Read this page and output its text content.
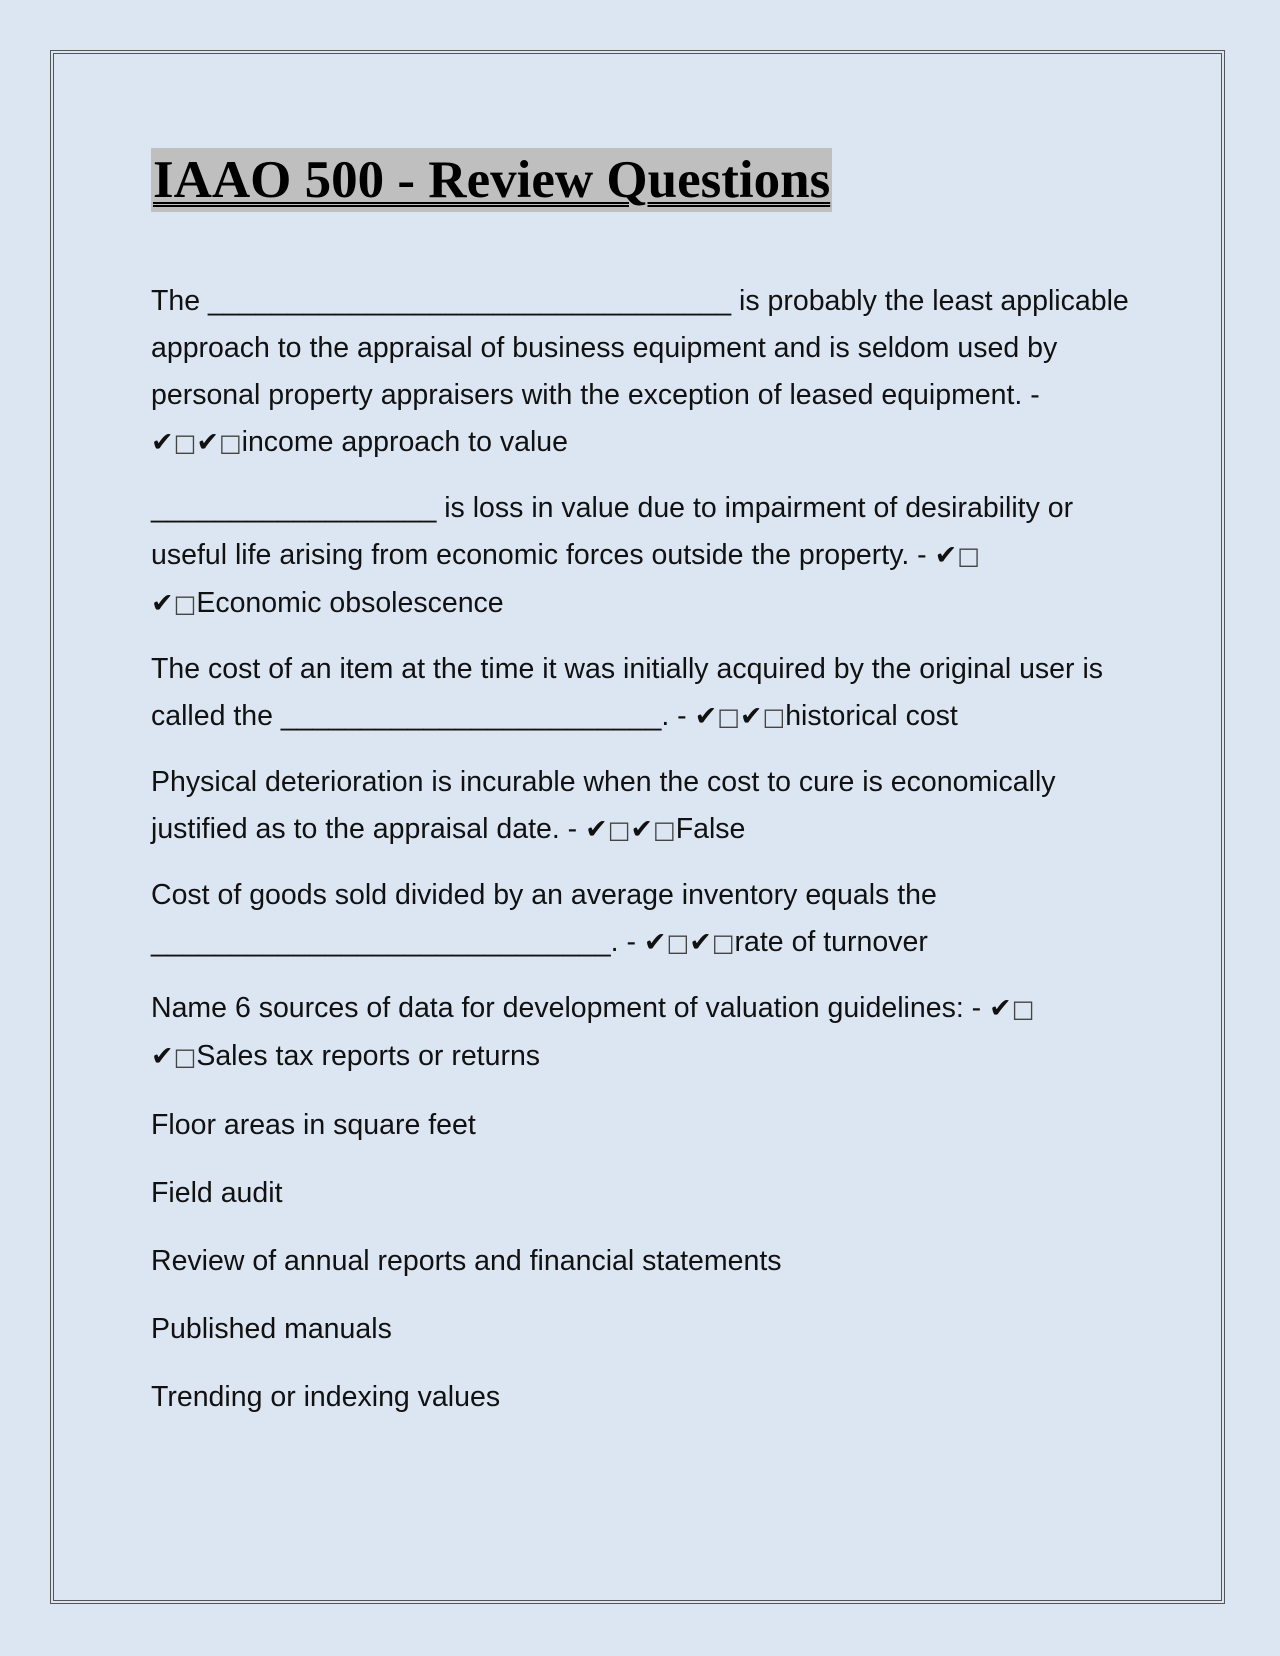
IAAO 500 - Review Questions

The _________________________________ is probably the least applicable approach to the appraisal of business equipment and is seldom used by personal property appraisers with the exception of leased equipment. - ✔□✔□income approach to value

__________________ is loss in value due to impairment of desirability or useful life arising from economic forces outside the property. - ✔□ ✔□Economic obsolescence

The cost of an item at the time it was initially acquired by the original user is called the ________________________. - ✔□✔□historical cost

Physical deterioration is incurable when the cost to cure is economically justified as to the appraisal date. - ✔□✔□False

Cost of goods sold divided by an average inventory equals the _____________________________. - ✔□✔□rate of turnover

Name 6 sources of data for development of valuation guidelines: - ✔□ ✔□Sales tax reports or returns

Floor areas in square feet

Field audit

Review of annual reports and financial statements

Published manuals

Trending or indexing values
